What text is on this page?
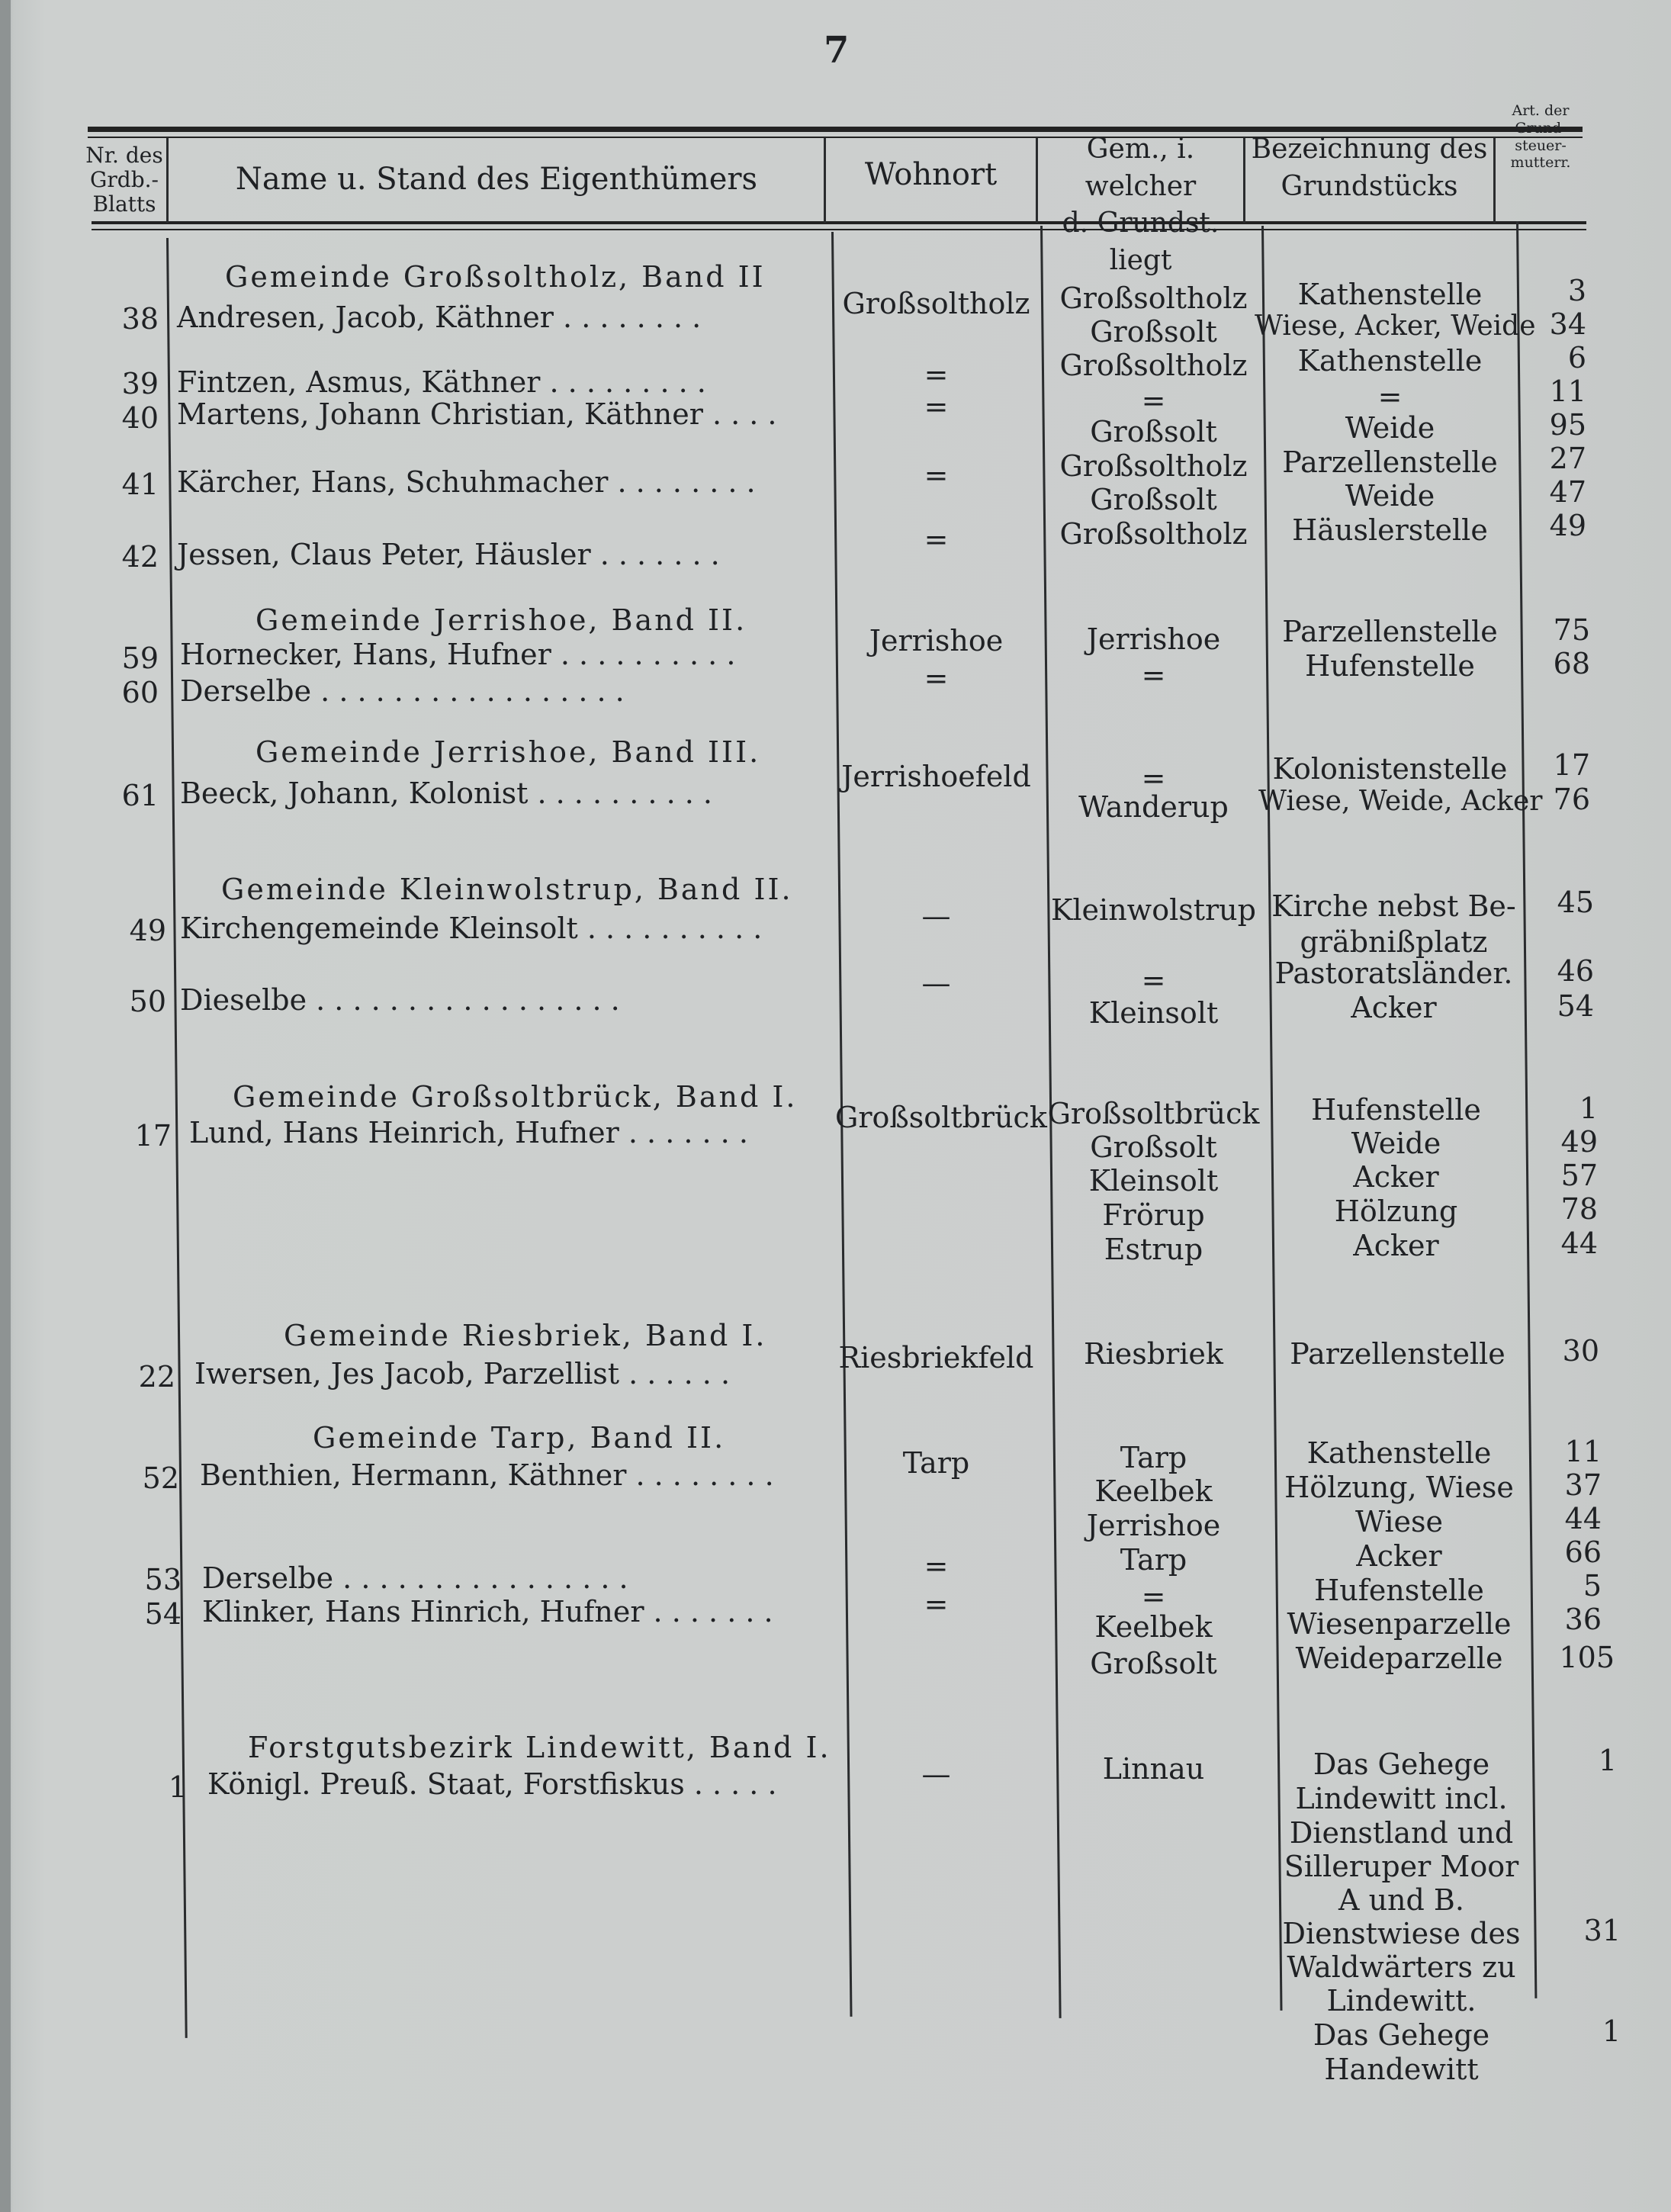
7
Nr. des
Grdb.-
Blatts
Name u. Stand des Eigenthümers	Wohnort
Gem., i. welcher
d. Grundst. liegt
Bezeichnung des
Grundstücks
Art. der
Grund-
steuer-
mutterr.
Gemeinde Großsoltholz, Band II
Gemeinde Jerrishoe, Band II.
Gemeinde Jerrishoe, Band III.
Gemeinde Kleinwolstrup, Band II.
Gemeinde Großsoltbrück, Band I.
Gemeinde Riesbriek, Band I.
Gemeinde Tarp, Band II.
Forstgutsbezirk Lindewitt, Band I.
38
39
40
41
42
59
60
61
49
50
17
22
52
53
54
1
Andresen, Jacob, Käthner . . . . . . . .
Fintzen, Asmus, Käthner . . . . . . . . .
Martens, Johann Christian, Käthner . . . .
Kärcher, Hans, Schuhmacher . . . . . . . .
Jessen, Claus Peter, Häusler . . . . . . .
Hornecker, Hans, Hufner . . . . . . . . . .
Derselbe . . . . . . . . . . . . . . . . .
Beeck, Johann, Kolonist . . . . . . . . . .
Kirchengemeinde Kleinsolt . . . . . . . . . .
Dieselbe . . . . . . . . . . . . . . . . .
Lund, Hans Heinrich, Hufner . . . . . . .
Iwersen, Jes Jacob, Parzellist . . . . . .
Benthien, Hermann, Käthner . . . . . . . .
Derselbe . . . . . . . . . . . . . . . .
Klinker, Hans Hinrich, Hufner . . . . . . .
Königl. Preuß. Staat, Forstfiskus . . . . .
Großsoltholz
=
=
=
=
Jerrishoe
=
Jerrishoefeld
—
—
Großsoltbrück
Riesbriekfeld
Tarp
=
=
—
Großsoltholz
Großsolt
Großsoltholz
=
Großsolt
Großsoltholz
Großsolt
Großsoltholz
Jerrishoe
=
=
Wanderup
Kleinwolstrup
=
Kleinsolt
Großsoltbrück
Großsolt
Kleinsolt
Frörup
Estrup
Riesbriek
Tarp
Keelbek
Jerrishoe
Tarp
=
Keelbek
Großsolt
Linnau
Kathenstelle
Wiese, Acker, Weide
Kathenstelle
=
Weide
Parzellenstelle
Weide
Häuslerstelle
Parzellenstelle
Hufenstelle
Kolonistenstelle
Wiese, Weide, Acker
Kirche nebst Be-
gräbnißplatz
Pastoratsländer.
Acker
Hufenstelle
Weide
Acker
Hölzung
Acker
Parzellenstelle
Kathenstelle
Hölzung, Wiese
Wiese
Acker
Hufenstelle
Wiesenparzelle
Weideparzelle
Das Gehege
Lindewitt incl.
Dienstland und
Silleruper Moor
A und B.
Dienstwiese des
Waldwärters zu
Lindewitt.
Das Gehege
Handewitt
3
34
6
11
95
27
47
49
75
68
17
76
45
46
54
1
49
57
78
44
30
11
37
44
66
5
36
105
1
31
1
